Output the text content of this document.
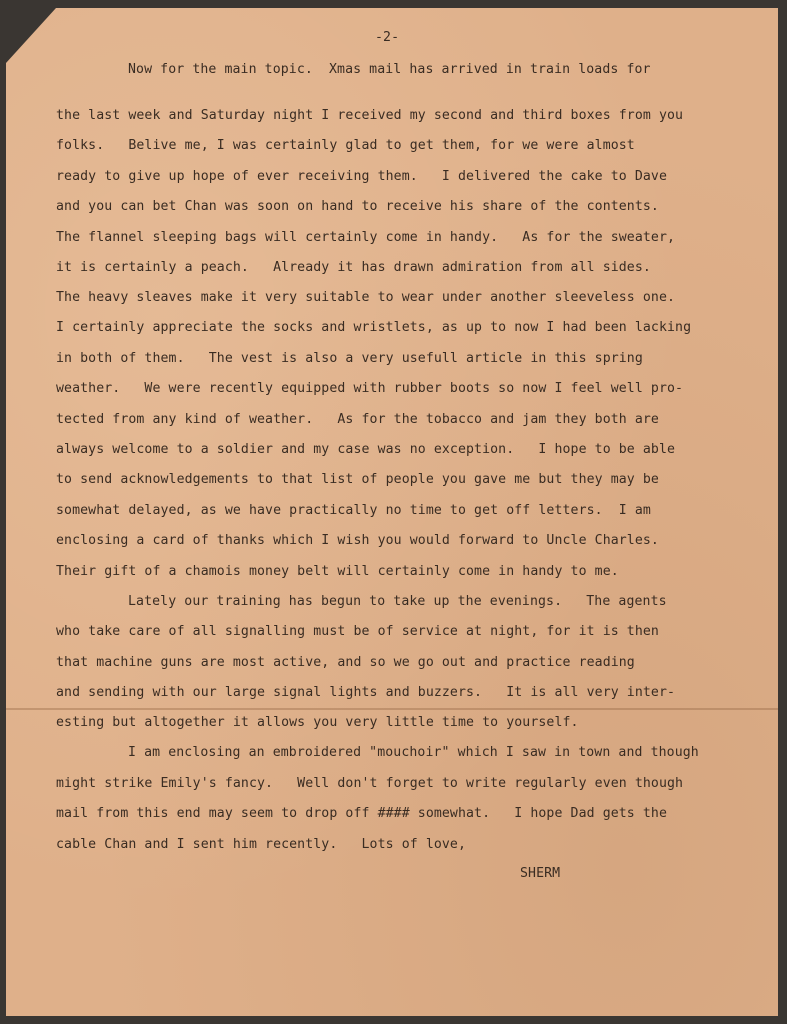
-2-
Now for the main topic.  Xmas mail has arrived in train loads for
the last week and Saturday night I received my second and third boxes from you
folks.   Belive me, I was certainly glad to get them, for we were almost
ready to give up hope of ever receiving them.   I delivered the cake to Dave
and you can bet Chan was soon on hand to receive his share of the contents.
The flannel sleeping bags will certainly come in handy.   As for the sweater,
it is certainly a peach.   Already it has drawn admiration from all sides.
The heavy sleaves make it very suitable to wear under another sleeveless one.
I certainly appreciate the socks and wristlets, as up to now I had been lacking
in both of them.   The vest is also a very usefull article in this spring
weather.   We were recently equipped with rubber boots so now I feel well pro-
tected from any kind of weather.   As for the tobacco and jam they both are
always welcome to a soldier and my case was no exception.   I hope to be able
to send acknowledgements to that list of people you gave me but they may be
somewhat delayed, as we have practically no time to get off letters.  I am
enclosing a card of thanks which I wish you would forward to Uncle Charles.
Their gift of a chamois money belt will certainly come in handy to me.
Lately our training has begun to take up the evenings.   The agents
who take care of all signalling must be of service at night, for it is then
that machine guns are most active, and so we go out and practice reading
and sending with our large signal lights and buzzers.   It is all very inter-
esting but altogether it allows you very little time to yourself.
I am enclosing an embroidered "mouchoir" which I saw in town and though
might strike Emily's fancy.   Well don't forget to write regularly even though
mail from this end may seem to drop off #### somewhat.   I hope Dad gets the
cable Chan and I sent him recently.   Lots of love,
SHERM
